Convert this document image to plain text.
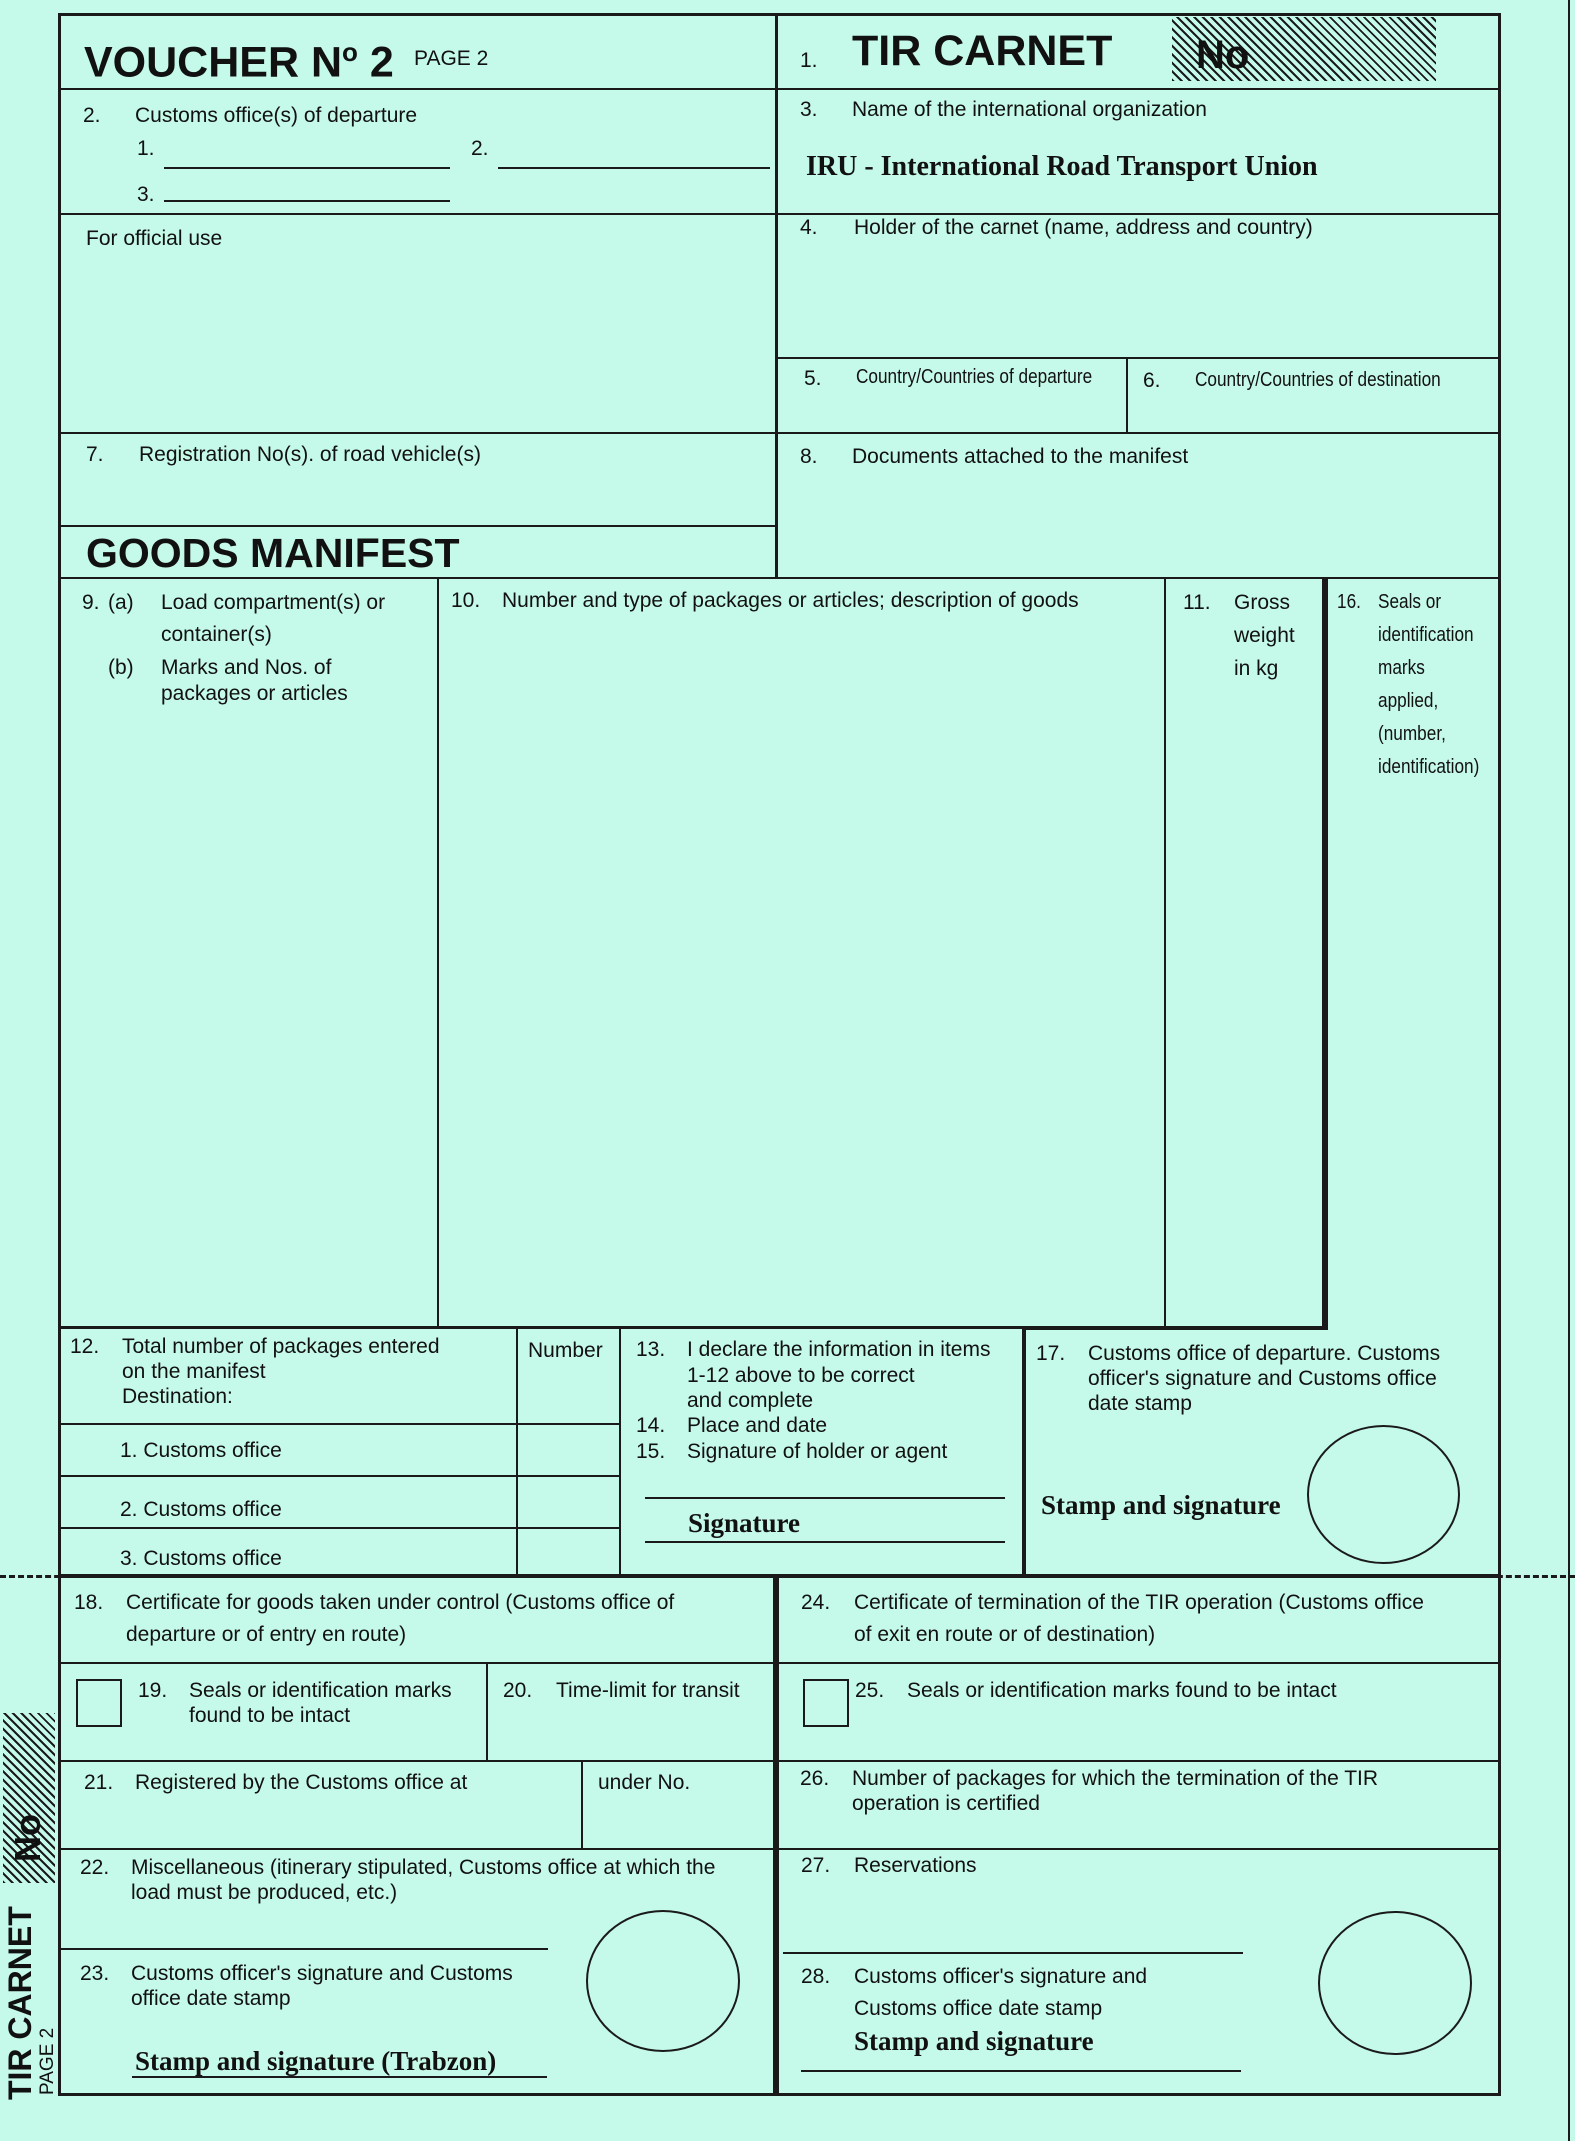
VOUCHER $N^o$ 2 PAGE 2	1. TIR CARNET No
2. Customs office(s) of departure
1.	2.
3.
3. Name of the international organization
IRU - International Road Transport Union
For official use	4. Holder of the carnet (name, address and country)
5. Country/Countries of departure 6. Country/Countries of destination
7. Registration No(s). of road vehicle(s)	8. Documents attached to the manifest
GOODS MANIFEST
9. (a) Load compartment(s) or
container(s)
(b) Marks and Nos. of
packages or articles
10. Number and type of packages or articles; description of goods	11. Gross
weight
in kg
16. Seals or
identification
marks
applied,
(number,
identification)
12. Total number of packages entered
on the manifest
Destination:
Number
1. Customs office
2. Customs office
3. Customs office
13. I declare the information in items
1-12 above to be correct
and complete
14. Place and date
15. Signature of holder or agent
Signature
17. Customs office of departure. Customs
officer's signature and Customs office
date stamp
Stamp and signature
18. Certificate for goods taken under control (Customs office of
departure or of entry en route)
19. Seals or identification marks
found to be intact
20. Time-limit for transit
21. Registered by the Customs office at	under No.
22. Miscellaneous (itinerary stipulated, Customs office at which the
load must be produced, etc.)
23. Customs officer's signature and Customs
office date stamp
Stamp and signature (Trabzon)
24. Certificate of termination of the TIR operation (Customs office
of exit en route or of destination)
25. Seals or identification marks found to be intact
26. Number of packages for which the termination of the TIR
operation is certified
27. Reservations
28. Customs officer's signature and
Customs office date stamp
Stamp and signature
No
TIR CARNET PAGE 2
